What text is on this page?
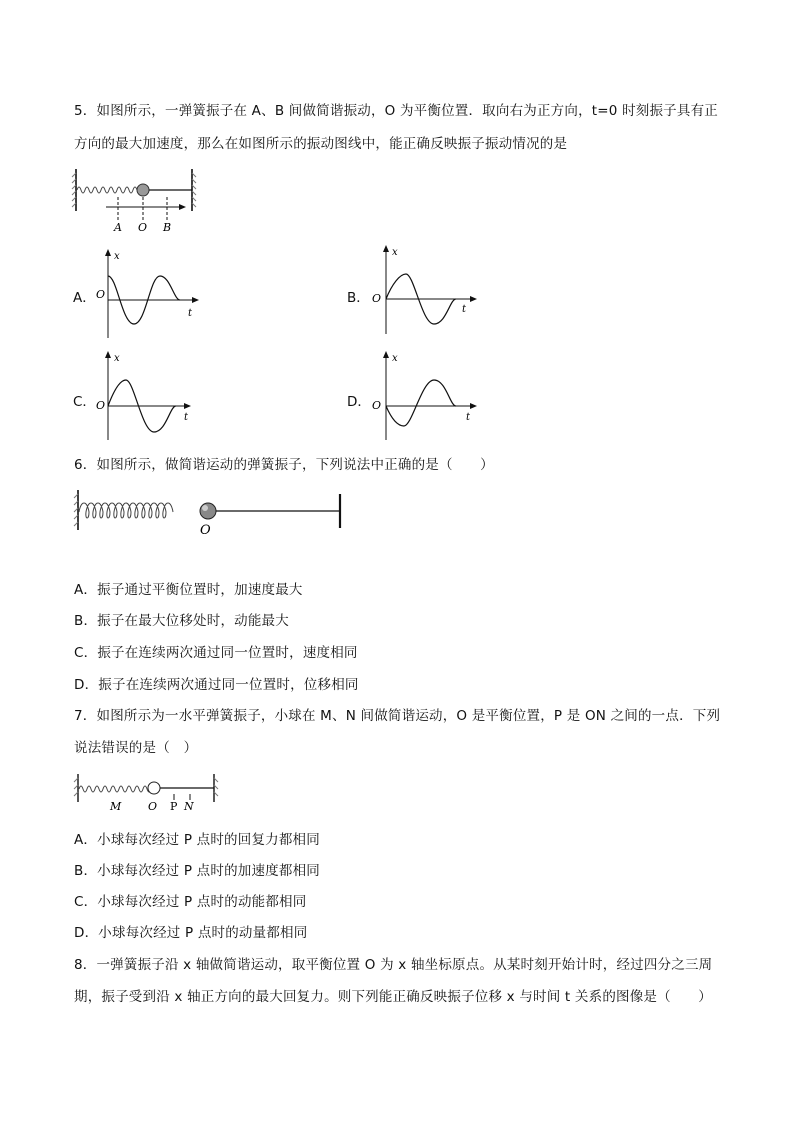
5．如图所示，一弹簧振子在 A、B 间做简谐振动，O 为平衡位置．取向右为正方向，t=0 时刻振子具有正
方向的最大加速度，那么在如图所示的振动图线中，能正确反映振子振动情况的是
A O B
A．
x
O
t
B．
x
O
t
C．
x
O
t
D．
x
O
t
6．如图所示，做简谐运动的弹簧振子，下列说法中正确的是（　　）
O
A．振子通过平衡位置时，加速度最大
B．振子在最大位移处时，动能最大
C．振子在连续两次通过同一位置时，速度相同
D．振子在连续两次通过同一位置时，位移相同
7．如图所示为一水平弹簧振子，小球在 M、N 间做简谐运动，O 是平衡位置，P 是 ON 之间的一点．下列
说法错误的是（　）
M O P N
A．小球每次经过 P 点时的回复力都相同
B．小球每次经过 P 点时的加速度都相同
C．小球每次经过 P 点时的动能都相同
D．小球每次经过 P 点时的动量都相同
8．一弹簧振子沿 x 轴做简谐运动，取平衡位置 O 为 x 轴坐标原点。从某时刻开始计时，经过四分之三周
期，振子受到沿 x 轴正方向的最大回复力。则下列能正确反映振子位移 x 与时间 t 关系的图像是（　　）
